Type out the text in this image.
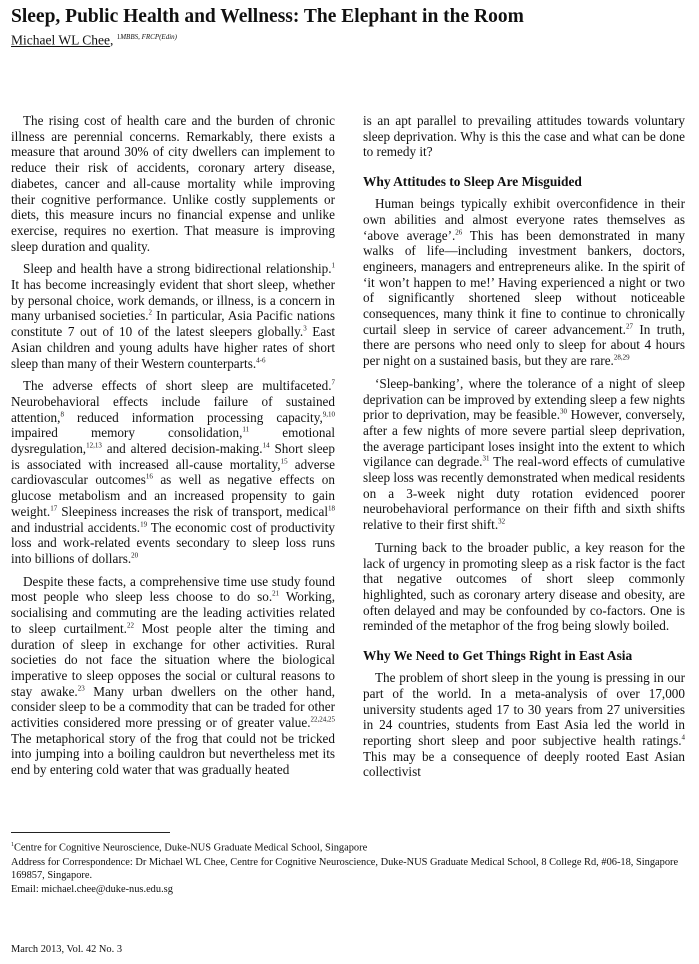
Sleep, Public Health and Wellness: The Elephant in the Room
Michael WL Chee, $^{1MBBS, FRCP(Edin)}$

The rising cost of health care and the burden of chronic illness are perennial concerns. Remarkably, there exists a measure that around 30% of city dwellers can implement to reduce their risk of accidents, coronary artery disease, diabetes, cancer and all-cause mortality while improving their cognitive performance. Unlike costly supplements or diets, this measure incurs no financial expense and unlike exercise, requires no exertion. That measure is improving sleep duration and quality.

Sleep and health have a strong bidirectional relationship.$^1$ It has become increasingly evident that short sleep, whether by personal choice, work demands, or illness, is a concern in many urbanised societies.$^2$ In particular, Asia Pacific nations constitute 7 out of 10 of the latest sleepers globally.$^3$ East Asian children and young adults have higher rates of short sleep than many of their Western counterparts.$^{4-6}$

The adverse effects of short sleep are multifaceted.$^7$ Neurobehavioral effects include failure of sustained attention,$^8$ reduced information processing capacity,$^{9,10}$ impaired memory consolidation,$^{11}$ emotional dysregulation,$^{12,13}$ and altered decision-making.$^{14}$ Short sleep is associated with increased all-cause mortality,$^{15}$ adverse cardiovascular outcomes$^{16}$ as well as negative effects on glucose metabolism and an increased propensity to gain weight.$^{17}$ Sleepiness increases the risk of transport, medical$^{18}$ and industrial accidents.$^{19}$ The economic cost of productivity loss and work-related events secondary to sleep loss runs into billions of dollars.$^{20}$

Despite these facts, a comprehensive time use study found most people who sleep less choose to do so.$^{21}$ Working, socialising and commuting are the leading activities related to sleep curtailment.$^{22}$ Most people alter the timing and duration of sleep in exchange for other activities. Rural societies do not face the situation where the biological imperative to sleep opposes the social or cultural reasons to stay awake.$^{23}$ Many urban dwellers on the other hand, consider sleep to be a commodity that can be traded for other activities considered more pressing or of greater value.$^{22,24,25}$ The metaphorical story of the frog that could not be tricked into jumping into a boiling cauldron but nevertheless met its end by entering cold water that was gradually heated

is an apt parallel to prevailing attitudes towards voluntary sleep deprivation. Why is this the case and what can be done to remedy it?

Why Attitudes to Sleep Are Misguided

Human beings typically exhibit overconfidence in their own abilities and almost everyone rates themselves as ‘above average’.$^{26}$ This has been demonstrated in many walks of life—including investment bankers, doctors, engineers, managers and entrepreneurs alike. In the spirit of ‘it won’t happen to me!’ Having experienced a night or two of significantly shortened sleep without noticeable consequences, many think it fine to continue to chronically curtail sleep in service of career advancement.$^{27}$ In truth, there are persons who need only to sleep for about 4 hours per night on a sustained basis, but they are rare.$^{28,29}$

‘Sleep-banking’, where the tolerance of a night of sleep deprivation can be improved by extending sleep a few nights prior to deprivation, may be feasible.$^{30}$ However, conversely, after a few nights of more severe partial sleep deprivation, the average participant loses insight into the extent to which vigilance can degrade.$^{31}$ The real-word effects of cumulative sleep loss was recently demonstrated when medical residents on a 3-week night duty rotation evidenced poorer neurobehavioral performance on their fifth and sixth shifts relative to their first shift.$^{32}$

Turning back to the broader public, a key reason for the lack of urgency in promoting sleep as a risk factor is the fact that negative outcomes of short sleep commonly highlighted, such as coronary artery disease and obesity, are often delayed and may be confounded by co-factors. One is reminded of the metaphor of the frog being slowly boiled.

Why We Need to Get Things Right in East Asia

The problem of short sleep in the young is pressing in our part of the world. In a meta-analysis of over 17,000 university students aged 17 to 30 years from 27 universities in 24 countries, students from East Asia led the world in reporting short sleep and poor subjective health ratings.$^4$ This may be a consequence of deeply rooted East Asian collectivist

$^1$Centre for Cognitive Neuroscience, Duke-NUS Graduate Medical School, Singapore
Address for Correspondence: Dr Michael WL Chee, Centre for Cognitive Neuroscience, Duke-NUS Graduate Medical School, 8 College Rd, #06-18, Singapore 169857, Singapore.
Email: michael.chee@duke-nus.edu.sg
March 2013, Vol. 42 No. 3
